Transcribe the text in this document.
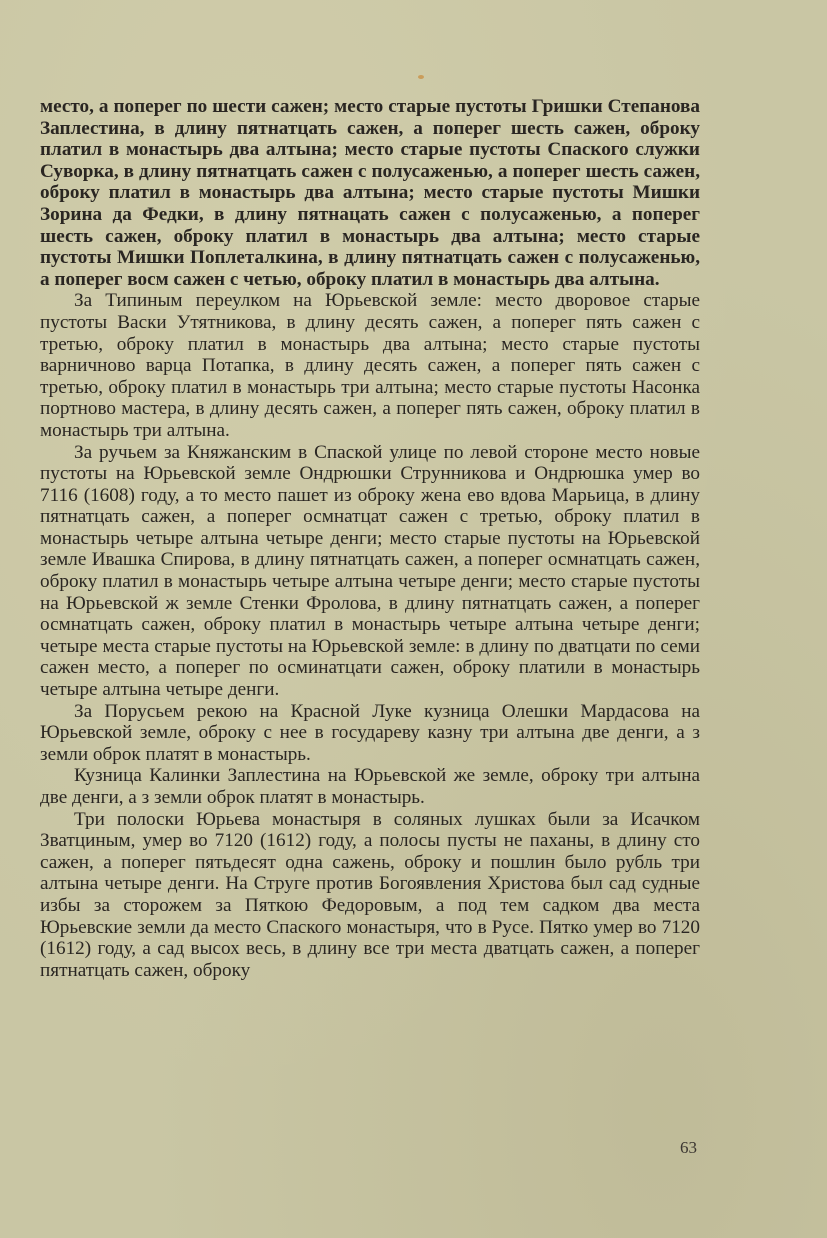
место, а поперег по шести сажен; место старые пустоты Гришки Степанова Заплестина, в длину пятнатцать сажен, а поперег шесть сажен, оброку платил в монастырь два алтына; место старые пустоты Спаского служки Суворка, в длину пятнатцать сажен с полусаженью, а поперег шесть сажен, оброку платил в монастырь два алтына; место старые пустоты Мишки Зорина да Федки, в длину пятнацать сажен с полусаженью, а поперег шесть сажен, оброку платил в монастырь два алтына; место старые пустоты Мишки Поплеталкина, в длину пятнатцать сажен с полусаженью, а поперег восм сажен с четью, оброку платил в монастырь два алтына.

За Типиным переулком на Юрьевской земле: место дворовое старые пустоты Васки Утятникова, в длину десять сажен, а поперег пять сажен с третью, оброку платил в монастырь два алтына; место старые пустоты варничново варца Потапка, в длину десять сажен, а поперег пять сажен с третью, оброку платил в монастырь три алтына; место старые пустоты Насонка портново мастера, в длину десять сажен, а поперег пять сажен, оброку платил в монастырь три алтына.

За ручьем за Княжанским в Спаской улице по левой стороне место новые пустоты на Юрьевской земле Ондрюшки Струнникова и Ондрюшка умер во 7116 (1608) году, а то место пашет из оброку жена ево вдова Марьица, в длину пятнатцать сажен, а поперег осмнатцат сажен с третью, оброку платил в монастырь четыре алтына четыре денги; место старые пустоты на Юрьевской земле Ивашка Спирова, в длину пятнатцать сажен, а поперег осмнатцать сажен, оброку платил в монастырь четыре алтына четыре денги; место старые пустоты на Юрьевской ж земле Стенки Фролова, в длину пятнатцать сажен, а поперег осмнатцать сажен, оброку платил в монастырь четыре алтына четыре денги; четыре места старые пустоты на Юрьевской земле: в длину по дватцати по семи сажен место, а поперег по осминатцати сажен, оброку платили в монастырь четыре алтына четыре денги.

За Порусьем рекою на Красной Луке кузница Олешки Мардасова на Юрьевской земле, оброку с нее в государеву казну три алтына две денги, а з земли оброк платят в монастырь.

Кузница Калинки Заплестина на Юрьевской же земле, оброку три алтына две денги, а з земли оброк платят в монастырь.

Три полоски Юрьева монастыря в соляных лушках были за Исачком Зватциным, умер во 7120 (1612) году, а полосы пусты не паханы, в длину сто сажен, а поперег пятьдесят одна сажень, оброку и пошлин было рубль три алтына четыре денги. На Струге против Богоявления Христова был сад судные избы за сторожем за Пяткою Федоровым, а под тем садком два места Юрьевские земли да место Спаского монастыря, что в Русе. Пятко умер во 7120 (1612) году, а сад высох весь, в длину все три места дватцать сажен, а поперег пятнатцать сажен, оброку

63
